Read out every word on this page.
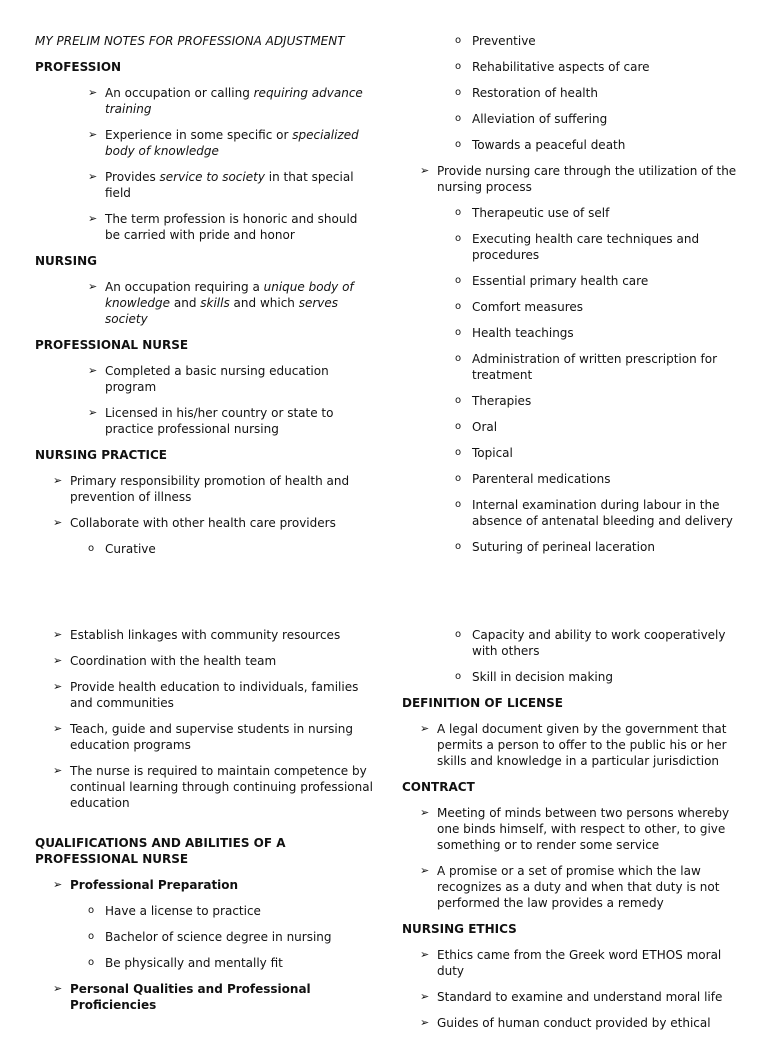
MY PRELIM NOTES FOR PROFESSIONA ADJUSTMENT
PROFESSION
➢ An occupation or calling requiring advance training
➢ Experience in some specific or specialized body of knowledge
➢ Provides service to society in that special field
➢ The term profession is honoric and should be carried with pride and honor
NURSING
➢ An occupation requiring a unique body of knowledge and skills and which serves society
PROFESSIONAL NURSE
➢ Completed a basic nursing education program
➢ Licensed in his/her country or state to practice professional nursing
NURSING PRACTICE
➢ Primary responsibility promotion of health and prevention of illness
➢ Collaborate with other health care providers
o Curative
o Preventive
o Rehabilitative aspects of care
o Restoration of health
o Alleviation of suffering
o Towards a peaceful death
➢ Provide nursing care through the utilization of the nursing process
o Therapeutic use of self
o Executing health care techniques and procedures
o Essential primary health care
o Comfort measures
o Health teachings
o Administration of written prescription for treatment
o Therapies
o Oral
o Topical
o Parenteral medications
o Internal examination during labour in the absence of antenatal bleeding and delivery
o Suturing of perineal laceration
➢ Establish linkages with community resources
➢ Coordination with the health team
➢ Provide health education to individuals, families and communities
➢ Teach, guide and supervise students in nursing education programs
➢ The nurse is required to maintain competence by continual learning through continuing professional education
QUALIFICATIONS AND ABILITIES OF A PROFESSIONAL NURSE
➢ Professional Preparation
o Have a license to practice
o Bachelor of science degree in nursing
o Be physically and mentally fit
➢ Personal Qualities and Professional Proficiencies
o Capacity and ability to work cooperatively with others
o Skill in decision making
DEFINITION OF LICENSE
➢ A legal document given by the government that permits a person to offer to the public his or her skills and knowledge in a particular jurisdiction
CONTRACT
➢ Meeting of minds between two persons whereby one binds himself, with respect to other, to give something or to render some service
➢ A promise or a set of promise which the law recognizes as a duty and when that duty is not performed the law provides a remedy
NURSING ETHICS
➢ Ethics came from the Greek word ETHOS moral duty
➢ Standard to examine and understand moral life
➢ Guides of human conduct provided by ethical
